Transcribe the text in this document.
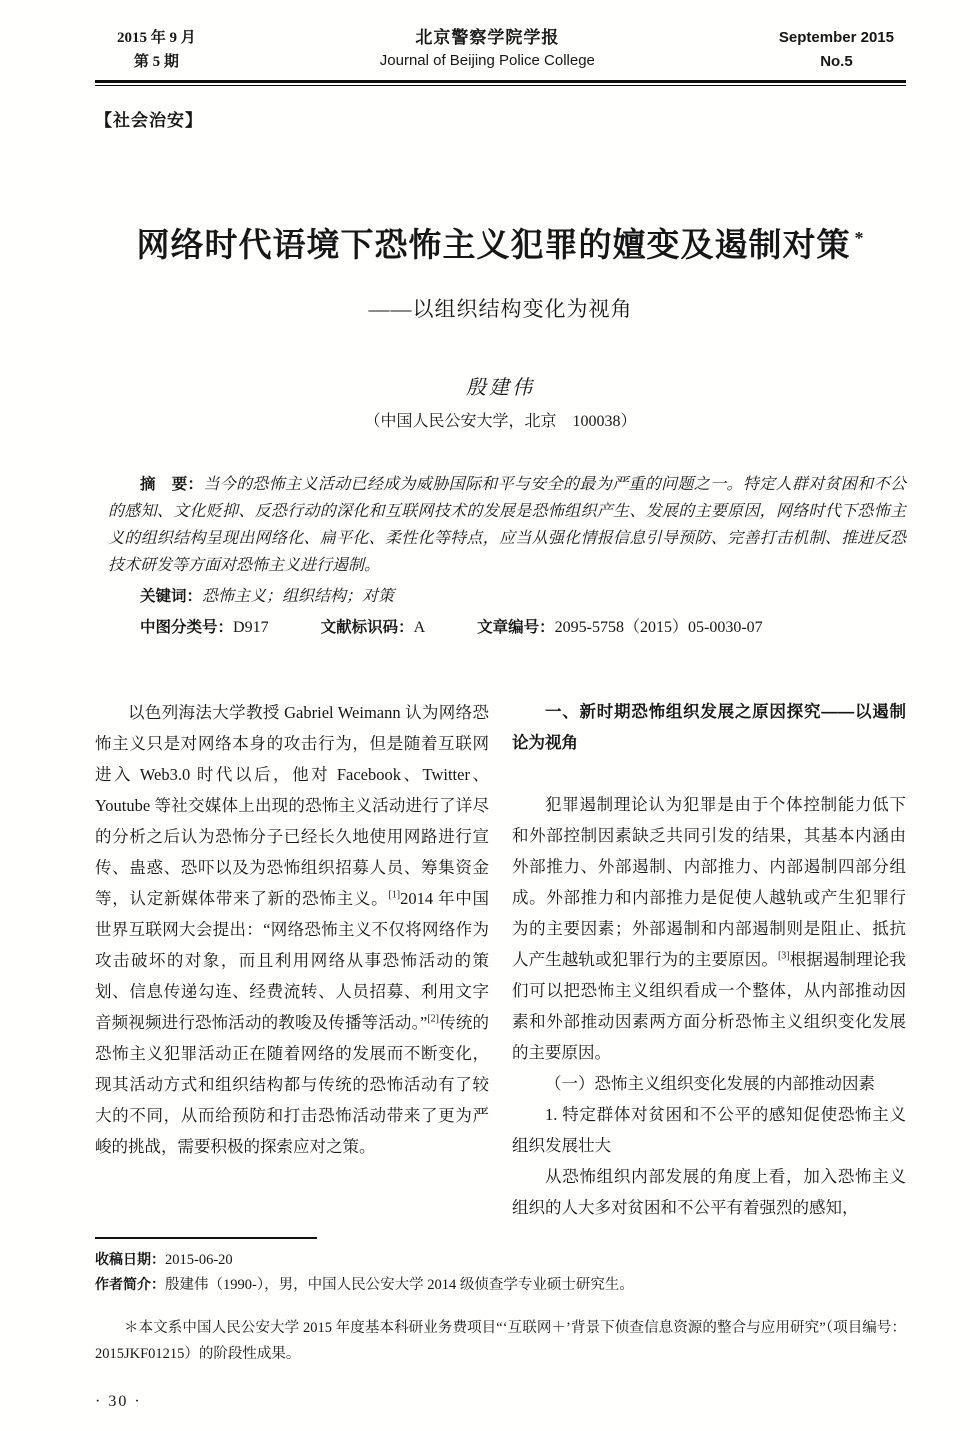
2015 年 9 月
第 5 期
北京警察学院学报
Journal of Beijing Police College
September 2015
No.5
【社会治安】
网络时代语境下恐怖主义犯罪的嬗变及遏制对策 *
——以组织结构变化为视角
殷建伟
（中国人民公安大学，北京　100038）

摘　要：当今的恐怖主义活动已经成为威胁国际和平与安全的最为严重的问题之一。特定人群对贫困和不公的感知、文化贬抑、反恐行动的深化和互联网技术的发展是恐怖组织产生、发展的主要原因，网络时代下恐怖主义的组织结构呈现出网络化、扁平化、柔性化等特点，应当从强化情报信息引导预防、完善打击机制、推进反恐技术研发等方面对恐怖主义进行遏制。

关键词：恐怖主义；组织结构；对策

中图分类号：D917	文献标识码：A	文章编号：2095-5758（2015）05-0030-07

以色列海法大学教授 Gabriel Weimann 认为网络恐怖主义只是对网络本身的攻击行为，但是随着互联网进入 Web3.0 时代以后，他对 Facebook、Twitter、Youtube 等社交媒体上出现的恐怖主义活动进行了详尽的分析之后认为恐怖分子已经长久地使用网路进行宣传、蛊惑、恐吓以及为恐怖组织招募人员、筹集资金等，认定新媒体带来了新的恐怖主义。[1]2014 年中国世界互联网大会提出：“网络恐怖主义不仅将网络作为攻击破坏的对象，而且利用网络从事恐怖活动的策划、信息传递勾连、经费流转、人员招募、利用文字音频视频进行恐怖活动的教唆及传播等活动。”[2]传统的恐怖主义犯罪活动正在随着网络的发展而不断变化，现其活动方式和组织结构都与传统的恐怖活动有了较大的不同，从而给预防和打击恐怖活动带来了更为严峻的挑战，需要积极的探索应对之策。

一、新时期恐怖组织发展之原因探究——以遏制论为视角

犯罪遏制理论认为犯罪是由于个体控制能力低下和外部控制因素缺乏共同引发的结果，其基本内涵由外部推力、外部遏制、内部推力、内部遏制四部分组成。外部推力和内部推力是促使人越轨或产生犯罪行为的主要因素；外部遏制和内部遏制则是阻止、抵抗人产生越轨或犯罪行为的主要原因。[3]根据遏制理论我们可以把恐怖主义组织看成一个整体，从内部推动因素和外部推动因素两方面分析恐怖主义组织变化发展的主要原因。

（一）恐怖主义组织变化发展的内部推动因素

1. 特定群体对贫困和不公平的感知促使恐怖主义组织发展壮大

从恐怖组织内部发展的角度上看，加入恐怖主义组织的人大多对贫困和不公平有着强烈的感知，

收稿日期：2015-06-20

作者简介：殷建伟（1990-），男，中国人民公安大学 2014 级侦查学专业硕士研究生。

＊本文系中国人民公安大学 2015 年度基本科研业务费项目“‘互联网＋’背景下侦查信息资源的整合与应用研究”（项目编号：2015JKF01215）的阶段性成果。

· 30 ·
